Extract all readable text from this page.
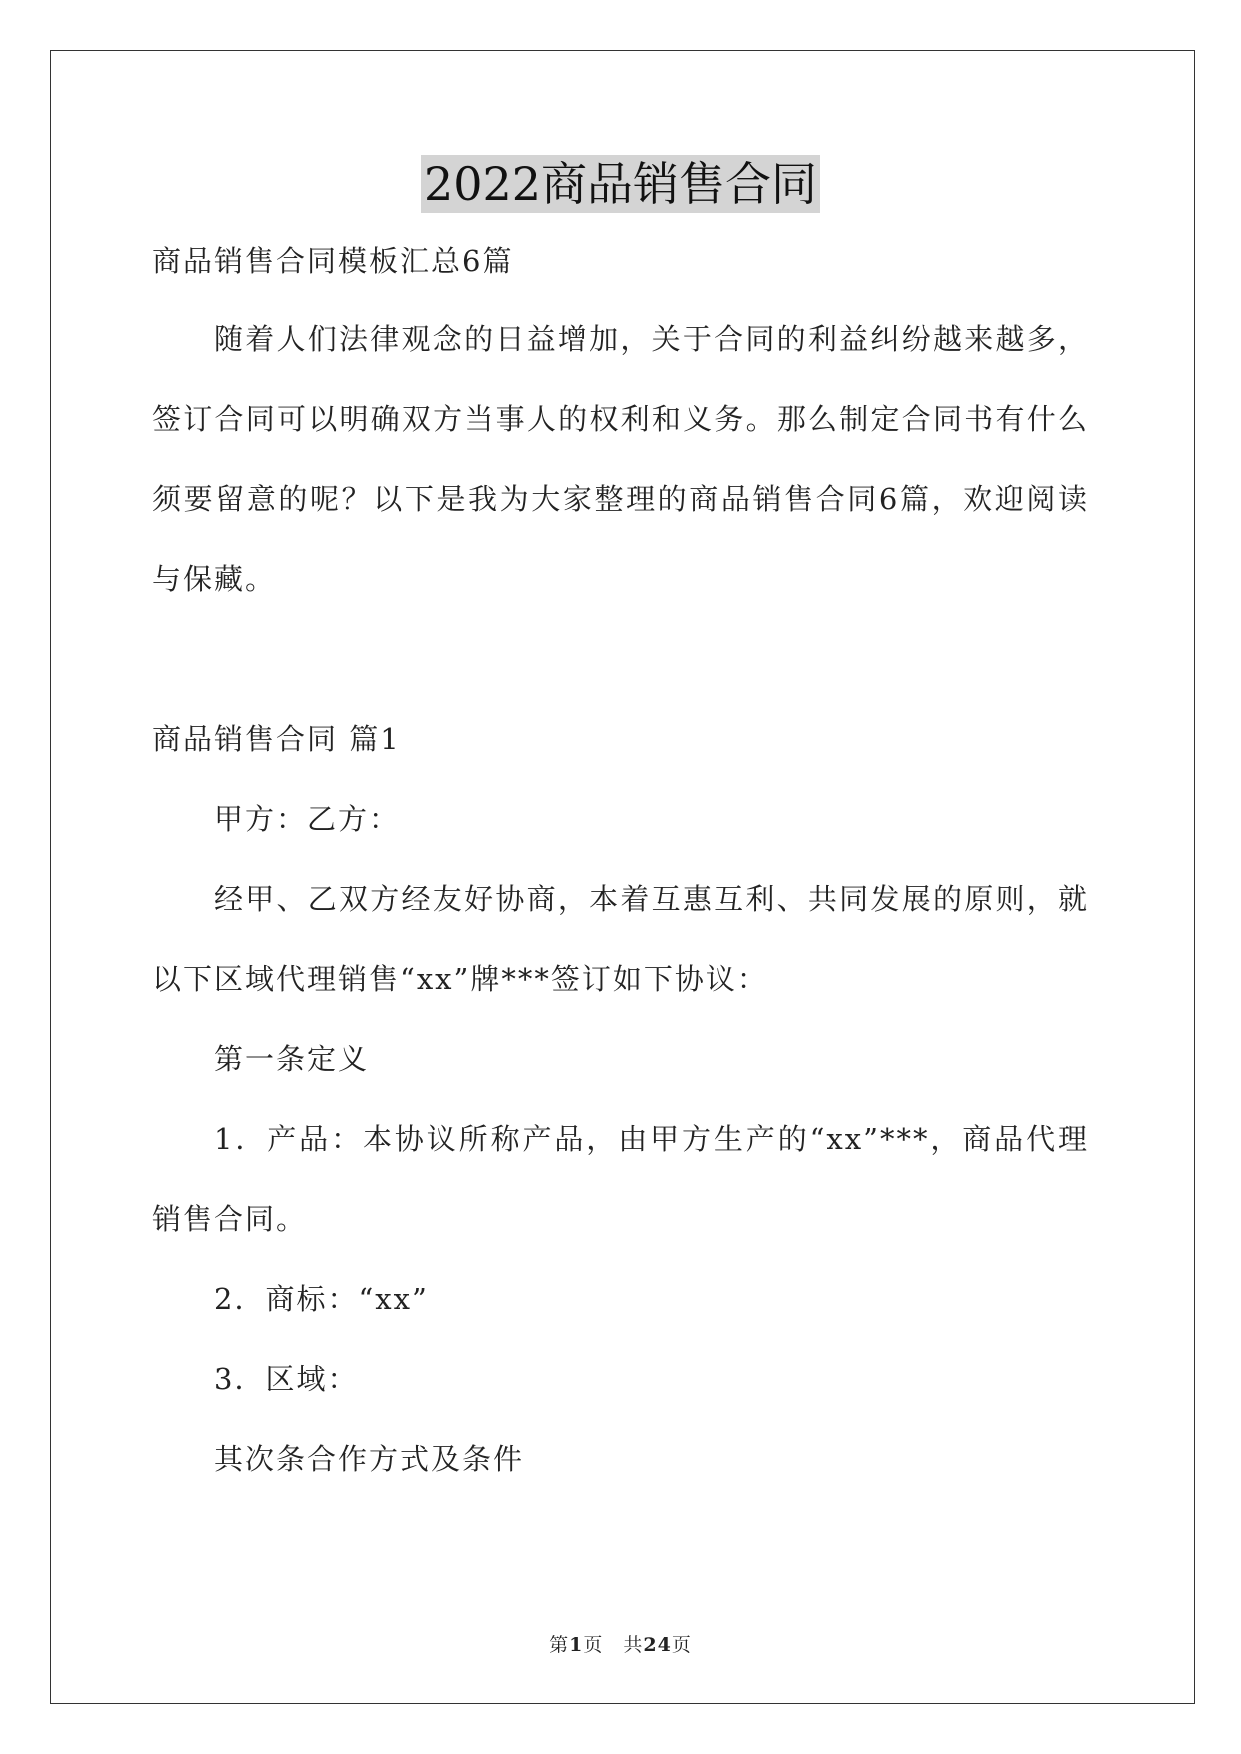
2022商品销售合同
商品销售合同模板汇总6篇
随着人们法律观念的日益增加，关于合同的利益纠纷越来越多，
签订合同可以明确双方当事人的权利和义务。那么制定合同书有什么
须要留意的呢？以下是我为大家整理的商品销售合同6篇，欢迎阅读
与保藏。
商品销售合同 篇1
甲方：乙方：
经甲、乙双方经友好协商，本着互惠互利、共同发展的原则，就
以下区域代理销售“xx”牌***签订如下协议：
第一条定义
1．产品：本协议所称产品，由甲方生产的“xx”***，商品代理
销售合同。
2．商标：“xx”
3．区域：
其次条合作方式及条件
第1页　共24页
